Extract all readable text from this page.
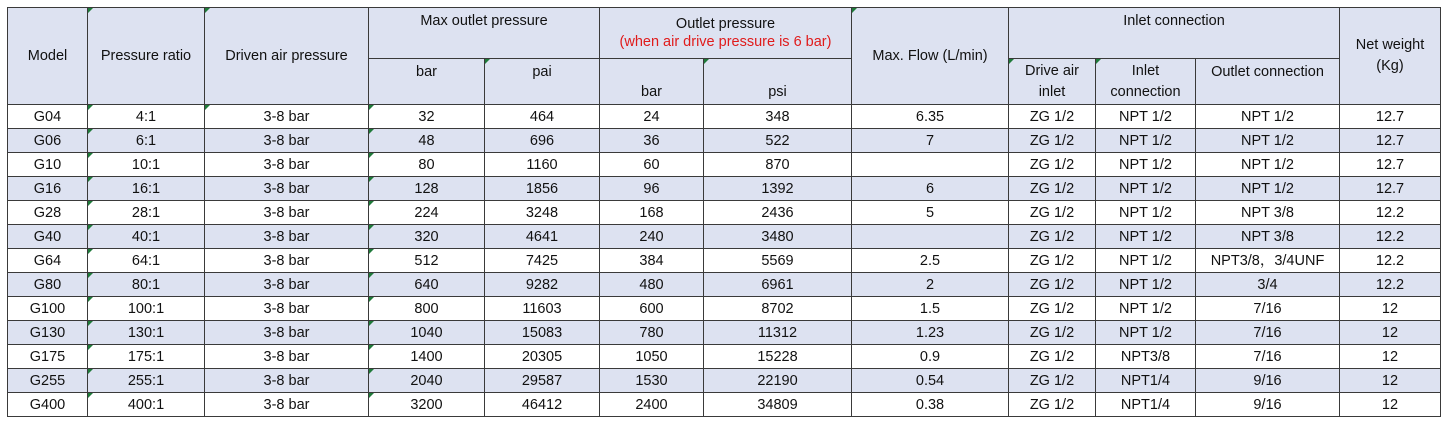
Model	Pressure ratio	Driven air pressure	Max outlet pressure		Outlet pressure
(when air drive pressure is 6 bar)		Max. Flow (L/min)	Inlet connection			Net weight (Kg)
			bar	pai	bar	psi		Drive air inlet	Inlet connection	Outlet connection	
G04	4:1	3-8 bar	32	464	24	348	6.35	ZG 1/2	NPT 1/2	NPT 1/2	12.7
G06	6:1	3-8 bar	48	696	36	522	7	ZG 1/2	NPT 1/2	NPT 1/2	12.7
G10	10:1	3-8 bar	80	1160	60	870		ZG 1/2	NPT 1/2	NPT 1/2	12.7
G16	16:1	3-8 bar	128	1856	96	1392	6	ZG 1/2	NPT 1/2	NPT 1/2	12.7
G28	28:1	3-8 bar	224	3248	168	2436	5	ZG 1/2	NPT 1/2	NPT 3/8	12.2
G40	40:1	3-8 bar	320	4641	240	3480		ZG 1/2	NPT 1/2	NPT 3/8	12.2
G64	64:1	3-8 bar	512	7425	384	5569	2.5	ZG 1/2	NPT 1/2	NPT3/8，3/4UNF	12.2
G80	80:1	3-8 bar	640	9282	480	6961	2	ZG 1/2	NPT 1/2	3/4	12.2
G100	100:1	3-8 bar	800	11603	600	8702	1.5	ZG 1/2	NPT 1/2	7/16	12
G130	130:1	3-8 bar	1040	15083	780	11312	1.23	ZG 1/2	NPT 1/2	7/16	12
G175	175:1	3-8 bar	1400	20305	1050	15228	0.9	ZG 1/2	NPT3/8	7/16	12
G255	255:1	3-8 bar	2040	29587	1530	22190	0.54	ZG 1/2	NPT1/4	9/16	12
G400	400:1	3-8 bar	3200	46412	2400	34809	0.38	ZG 1/2	NPT1/4	9/16	12
